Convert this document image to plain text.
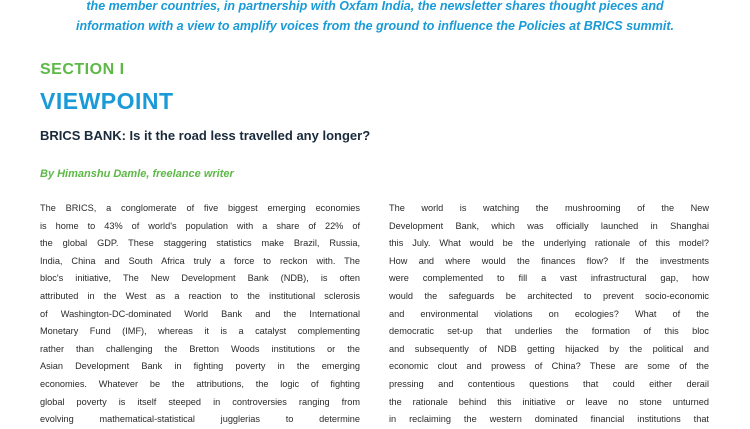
the member countries, in partnership with Oxfam India, the newsletter shares thought pieces and
information with a view to amplify voices from the ground to influence the Policies at BRICS summit.
SECTION I
VIEWPOINT
BRICS BANK: Is it the road less travelled any longer?
By Himanshu Damle, freelance writer
The BRICS, a conglomerate of five biggest emerging economies
is home to 43% of world's population with a share of 22% of
the global GDP. These staggering statistics make Brazil, Russia,
India, China and South Africa truly a force to reckon with. The
bloc's initiative, The New Development Bank (NDB), is often
attributed in the West as a reaction to the institutional sclerosis
of Washington-DC-dominated World Bank and the International
Monetary Fund (IMF), whereas it is a catalyst complementing
rather than challenging the Bretton Woods institutions or the
Asian Development Bank in fighting poverty in the emerging
economies. Whatever be the attributions, the logic of fighting
global poverty is itself steeped in controversies ranging from
evolving mathematical-statistical jugglerias to determine
The world is watching the mushrooming of the New
Development Bank, which was officially launched in Shanghai
this July. What would be the underlying rationale of this model?
How and where would the finances flow? If the investments
were complemented to fill a vast infrastructural gap, how
would the safeguards be architected to prevent socio-economic
and environmental violations on ecologies? What of the
democratic set-up that underlies the formation of this bloc
and subsequently of NDB getting hijacked by the political and
economic clout and prowess of China? These are some of the
pressing and contentious questions that could either derail
the rationale behind this initiative or leave no stone unturned
in reclaiming the western dominated financial institutions that
